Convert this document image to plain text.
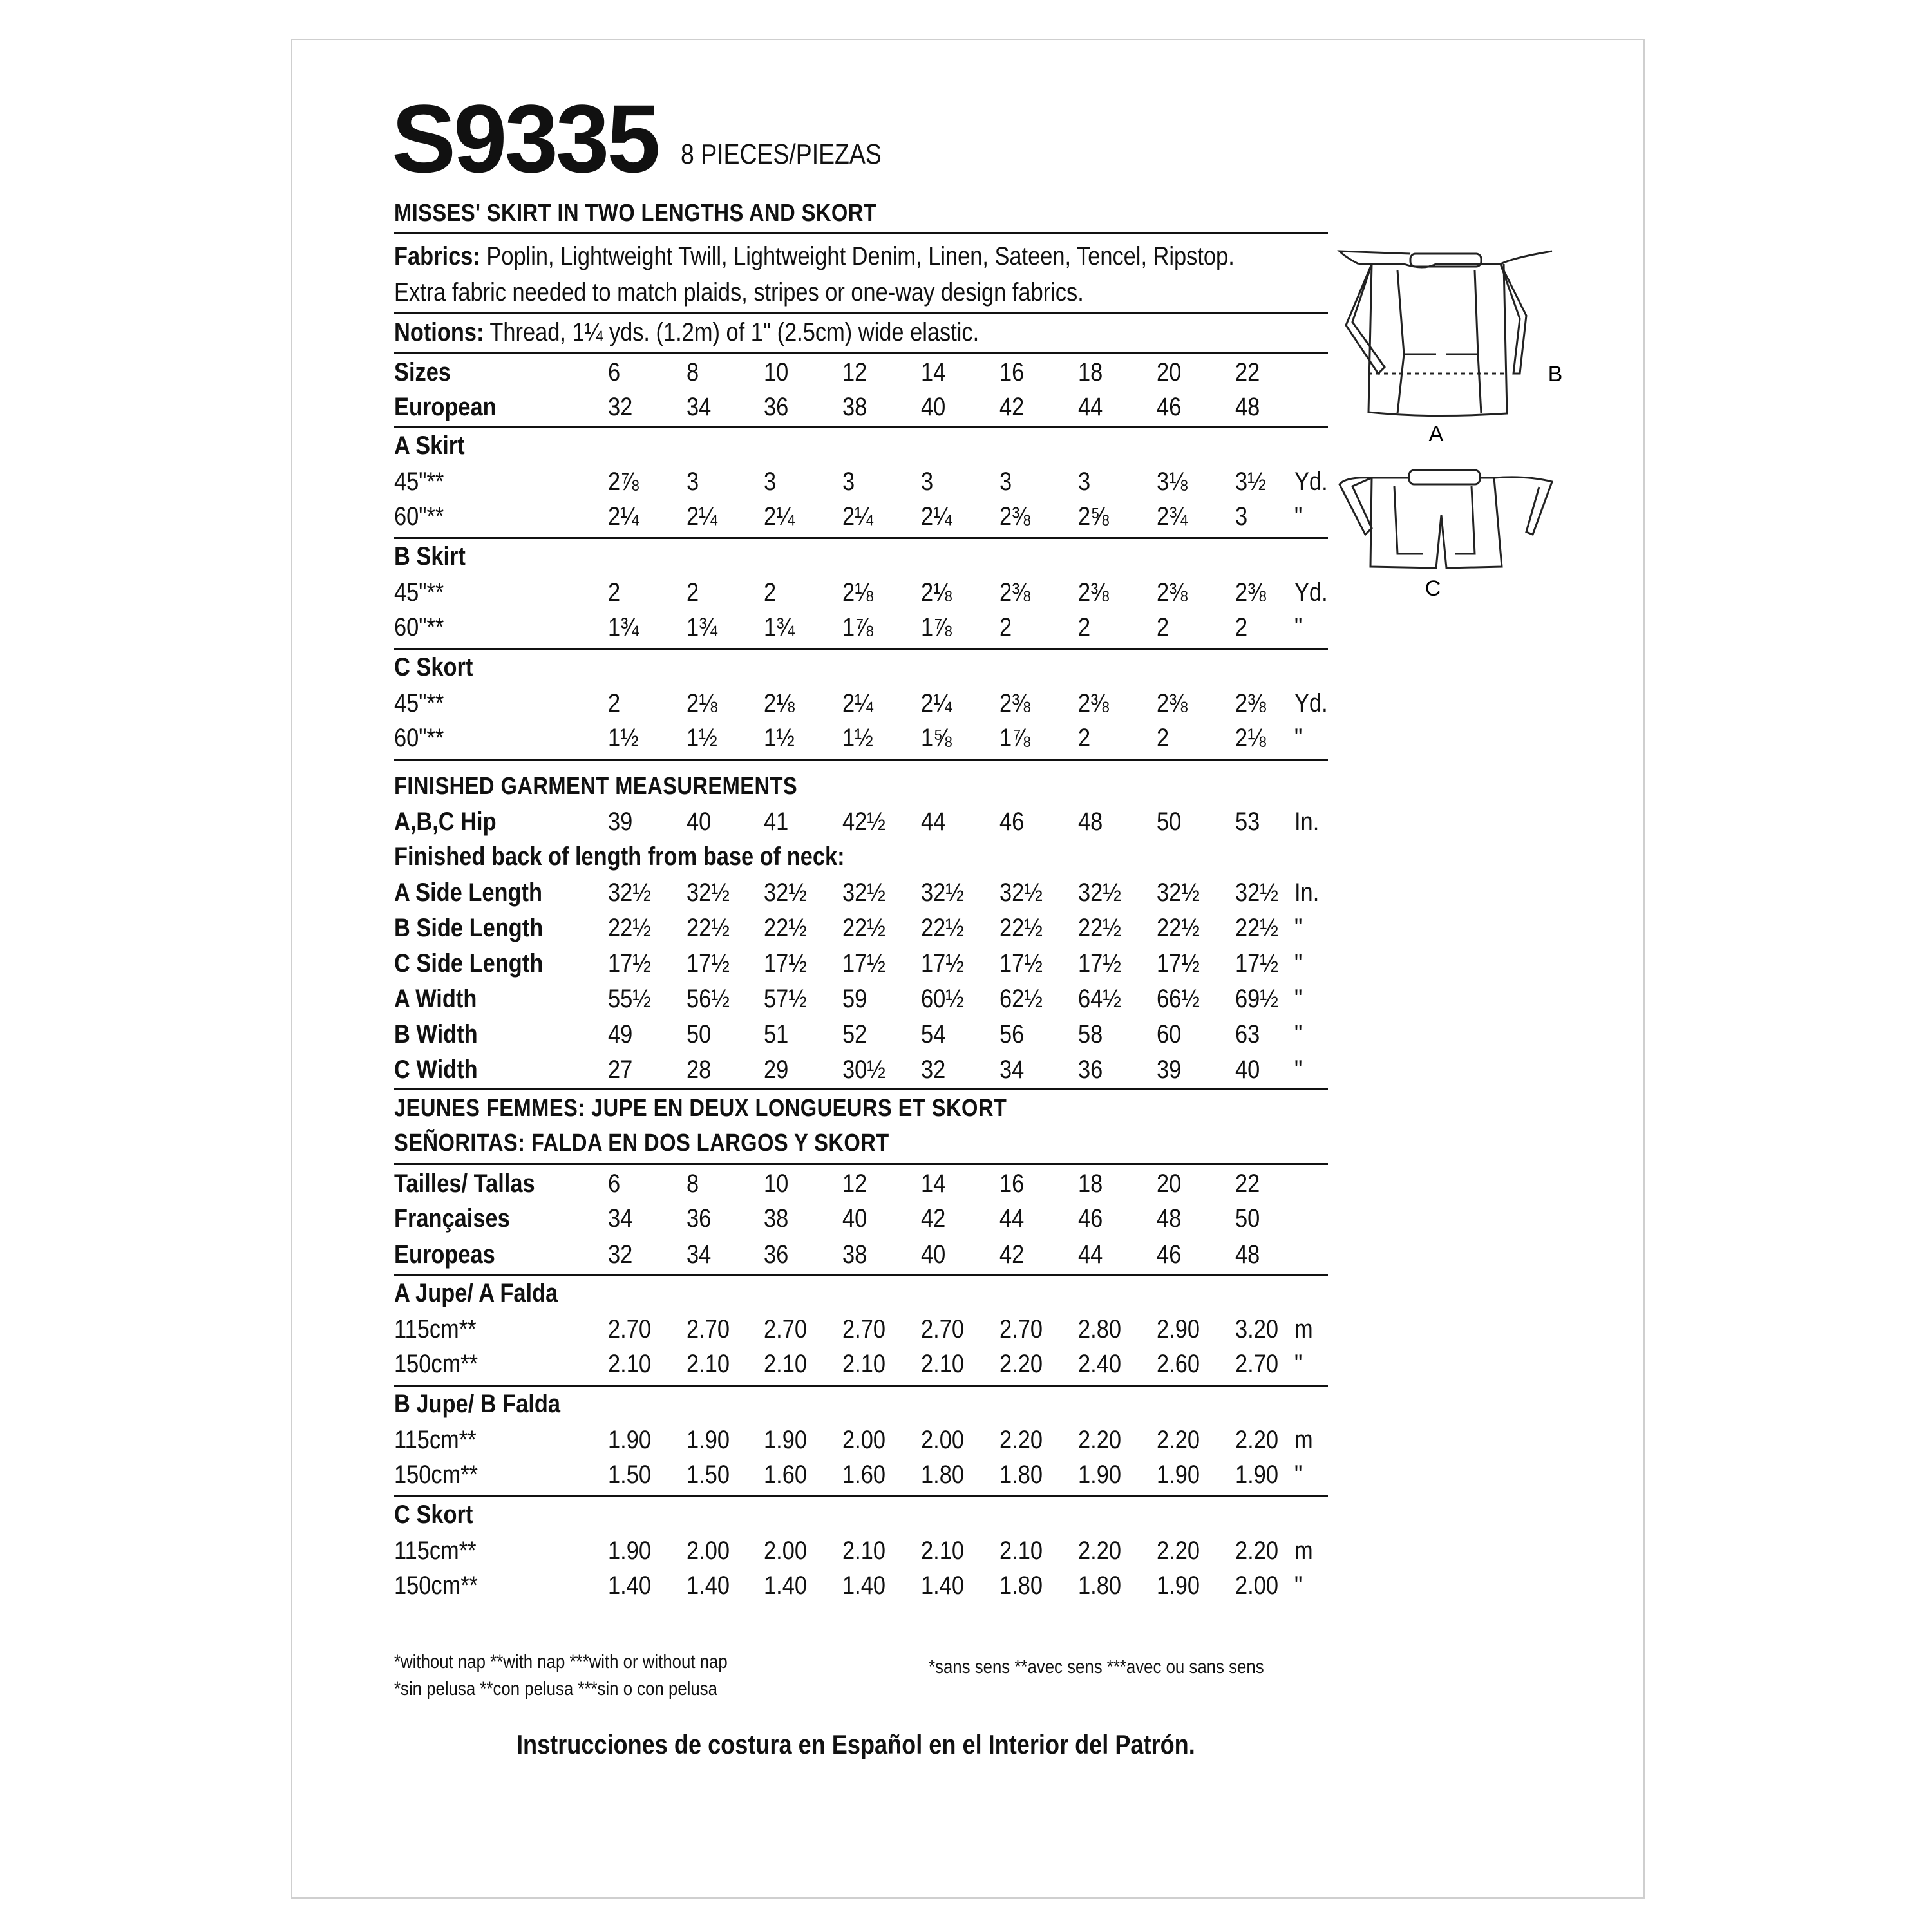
S9335 8 PIECES/PIEZAS
MISSES' SKIRT IN TWO LENGTHS AND SKORT
Fabrics: Poplin, Lightweight Twill, Lightweight Denim, Linen, Sateen, Tencel, Ripstop.
Extra fabric needed to match plaids, stripes or one-way design fabrics.
Notions: Thread, 1¼ yds. (1.2m) of 1" (2.5cm) wide elastic.
Sizes	6	8	10 12 14 16 18 20 22
European	32 34 36 38 40 42 44 46 48
A Skirt
45"**	2⅞ 3	3	3	3	3	3	3⅛ 3½ Yd.
60"**	2¼ 2¼ 2¼ 2¼ 2¼ 2⅜ 2⅝ 2¾ 3 "
B Skirt
45"**	2	2	2	2⅛ 2⅛ 2⅜ 2⅜ 2⅜ 2⅜ Yd.
60"**	1¾ 1¾ 1¾ 1⅞ 1⅞ 2	2	2	2 "
C Skort
45"**	2	2⅛ 2⅛ 2¼ 2¼ 2⅜ 2⅜ 2⅜ 2⅜ Yd.
60"**	1½ 1½ 1½ 1½ 1⅝ 1⅞ 2	2	2⅛ "
FINISHED GARMENT MEASUREMENTS
A,B,C Hip	39 40 41 42½ 44 46 48 50 53 In.
Finished back of length from base of neck:
A Side Length	32½ 32½ 32½ 32½ 32½ 32½ 32½ 32½ 32½ In.
B Side Length	22½ 22½ 22½ 22½ 22½ 22½ 22½ 22½ 22½ "
C Side Length	17½ 17½ 17½ 17½ 17½ 17½ 17½ 17½ 17½ "
A Width	55½ 56½ 57½ 59 60½ 62½ 64½ 66½ 69½ "
B Width	49 50 51 52 54 56 58 60 63 "
C Width	27 28 29 30½ 32 34 36 39 40 "
JEUNES FEMMES: JUPE EN DEUX LONGUEURS ET SKORT
SEÑORITAS: FALDA EN DOS LARGOS Y SKORT
Tailles/ Tallas	6	8	10 12 14 16 18 20 22
Françaises	34 36 38 40 42 44 46 48 50
Europeas	32 34 36 38 40 42 44 46 48
A Jupe/ A Falda
115cm**	2.70 2.70 2.70 2.70 2.70 2.70 2.80 2.90 3.20 m
150cm**	2.10 2.10 2.10 2.10 2.10 2.20 2.40 2.60 2.70 "
B Jupe/ B Falda
115cm**	1.90 1.90 1.90 2.00 2.00 2.20 2.20 2.20 2.20 m
150cm**	1.50 1.50 1.60 1.60 1.80 1.80 1.90 1.90 1.90 "
C Skort
115cm**	1.90 2.00 2.00 2.10 2.10 2.10 2.20 2.20 2.20 m
150cm**	1.40 1.40 1.40 1.40 1.40 1.80 1.80 1.90 2.00 "
*without nap **with nap ***with or without nap
*sin pelusa **con pelusa ***sin o con pelusa
*sans sens **avec sens ***avec ou sans sens
Instrucciones de costura en Español en el Interior del Patrón.
A
B
C
